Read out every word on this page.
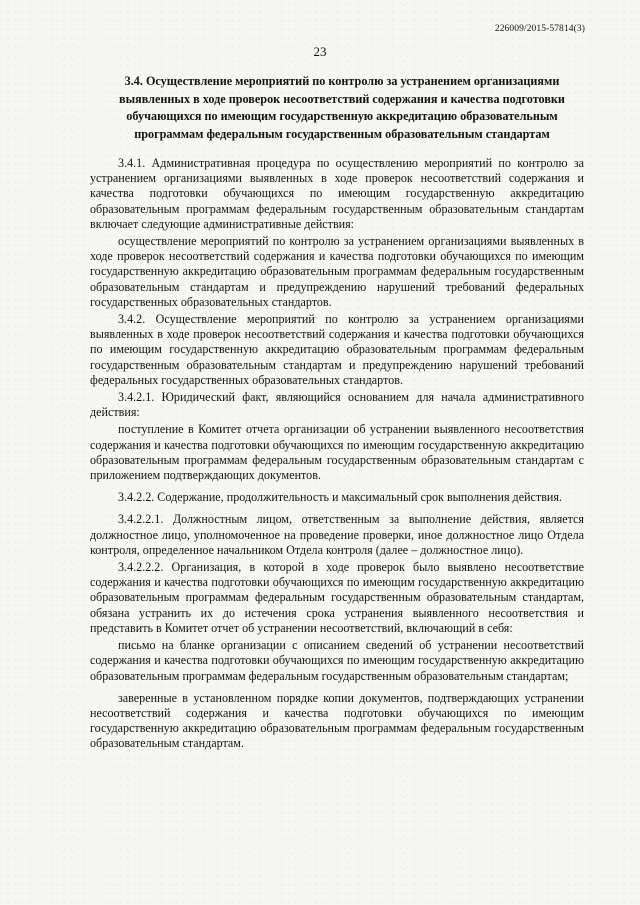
226009/2015-57814(3)
23
3.4. Осуществление мероприятий по контролю за устранением организациями выявленных в ходе проверок несоответствий содержания и качества подготовки обучающихся по имеющим государственную аккредитацию образовательным программам федеральным государственным образовательным стандартам

3.4.1. Административная процедура по осуществлению мероприятий по контролю за устранением организациями выявленных в ходе проверок несоответствий содержания и качества подготовки обучающихся по имеющим государственную аккредитацию образовательным программам федеральным государственным образовательным стандартам включает следующие административные действия:

осуществление мероприятий по контролю за устранением организациями выявленных в ходе проверок несоответствий содержания и качества подготовки обучающихся по имеющим государственную аккредитацию образовательным программам федеральным государственным образовательным стандартам и предупреждению нарушений требований федеральных государственных образовательных стандартов.

3.4.2. Осуществление мероприятий по контролю за устранением организациями выявленных в ходе проверок несоответствий содержания и качества подготовки обучающихся по имеющим государственную аккредитацию образовательным программам федеральным государственным образовательным стандартам и предупреждению нарушений требований федеральных государственных образовательных стандартов.

3.4.2.1. Юридический факт, являющийся основанием для начала административного действия:

поступление в Комитет отчета организации об устранении выявленного несоответствия содержания и качества подготовки обучающихся по имеющим государственную аккредитацию образовательным программам федеральным государственным образовательным стандартам с приложением подтверждающих документов.

3.4.2.2. Содержание, продолжительность и максимальный срок выполнения действия.

3.4.2.2.1. Должностным лицом, ответственным за выполнение действия, является должностное лицо, уполномоченное на проведение проверки, иное должностное лицо Отдела контроля, определенное начальником Отдела контроля (далее – должностное лицо).

3.4.2.2.2. Организация, в которой в ходе проверок было выявлено несоответствие содержания и качества подготовки обучающихся по имеющим государственную аккредитацию образовательным программам федеральным государственным образовательным стандартам, обязана устранить их до истечения срока устранения выявленного несоответствия и представить в Комитет отчет об устранении несоответствий, включающий в себя:

письмо на бланке организации с описанием сведений об устранении несоответствий содержания и качества подготовки обучающихся по имеющим государственную аккредитацию образовательным программам федеральным государственным образовательным стандартам;

заверенные в установленном порядке копии документов, подтверждающих устранении несоответствий содержания и качества подготовки обучающихся по имеющим государственную аккредитацию образовательным программам федеральным государственным образовательным стандартам.
